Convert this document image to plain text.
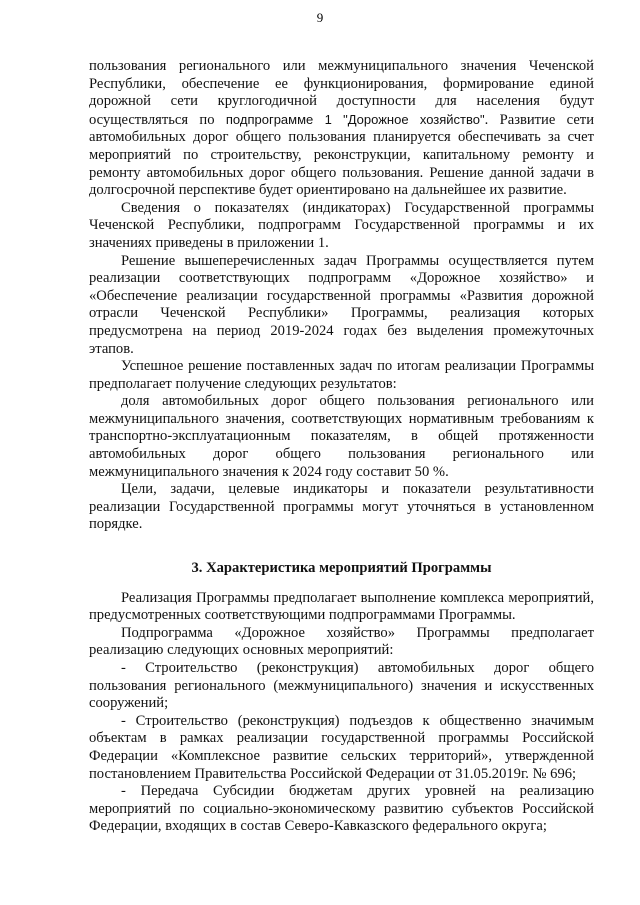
9

пользования регионального или межмуниципального значения Чеченской Республики, обеспечение ее функционирования, формирование единой дорожной сети круглогодичной доступности для населения будут осуществляться по подпрограмме 1 "Дорожное хозяйство". Развитие сети автомобильных дорог общего пользования планируется обеспечивать за счет мероприятий по строительству, реконструкции, капитальному ремонту и ремонту автомобильных дорог общего пользования. Решение данной задачи в долгосрочной перспективе будет ориентировано на дальнейшее их развитие.

Сведения о показателях (индикаторах) Государственной программы Чеченской Республики, подпрограмм Государственной программы и их значениях приведены в приложении 1.

Решение вышеперечисленных задач Программы осуществляется путем реализации соответствующих подпрограмм «Дорожное хозяйство» и «Обеспечение реализации государственной программы «Развития дорожной отрасли Чеченской Республики» Программы, реализация которых предусмотрена на период 2019-2024 годах без выделения промежуточных этапов.

Успешное решение поставленных задач по итогам реализации Программы предполагает получение следующих результатов:

доля автомобильных дорог общего пользования регионального или межмуниципального значения, соответствующих нормативным требованиям к транспортно-эксплуатационным показателям, в общей протяженности автомобильных дорог общего пользования регионального или межмуниципального значения к 2024 году составит 50 %.

Цели, задачи, целевые индикаторы и показатели результативности реализации Государственной программы могут уточняться в установленном порядке.

3. Характеристика мероприятий Программы

Реализация Программы предполагает выполнение комплекса мероприятий, предусмотренных соответствующими подпрограммами Программы.

Подпрограмма «Дорожное хозяйство» Программы предполагает реализацию следующих основных мероприятий:

- Строительство (реконструкция) автомобильных дорог общего пользования регионального (межмуниципального) значения и искусственных сооружений;

- Строительство (реконструкция) подъездов к общественно значимым объектам в рамках реализации государственной программы Российской Федерации «Комплексное развитие сельских территорий», утвержденной постановлением Правительства Российской Федерации от 31.05.2019г. № 696;

- Передача Субсидии бюджетам других уровней на реализацию мероприятий по социально-экономическому развитию субъектов Российской Федерации, входящих в состав Северо-Кавказского федерального округа;
